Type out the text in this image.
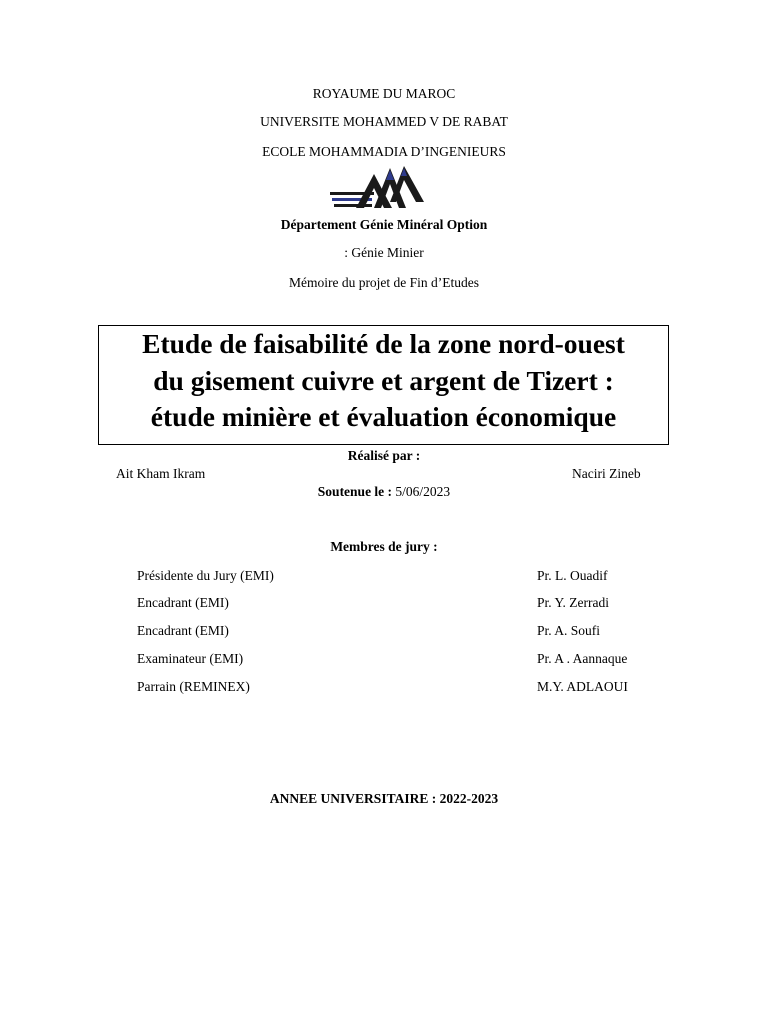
ROYAUME DU MAROC
UNIVERSITE MOHAMMED V DE RABAT
ECOLE MOHAMMADIA D’INGENIEURS
Département Génie Minéral Option
: Génie Minier
Mémoire du projet de Fin d’Etudes
Etude de faisabilité de la zone nord-ouest
du gisement cuivre et argent de Tizert :
étude minière et évaluation économique
Réalisé par :
Ait Kham Ikram	Naciri Zineb
Soutenue le : 5/06/2023
Membres de jury :
Présidente du Jury (EMI)	Pr. L. Ouadif
Encadrant (EMI)	Pr. Y. Zerradi
Encadrant (EMI)	Pr. A. Soufi
Examinateur (EMI)	Pr. A . Aannaque
Parrain (REMINEX)	M.Y. ADLAOUI
ANNEE UNIVERSITAIRE : 2022-2023
